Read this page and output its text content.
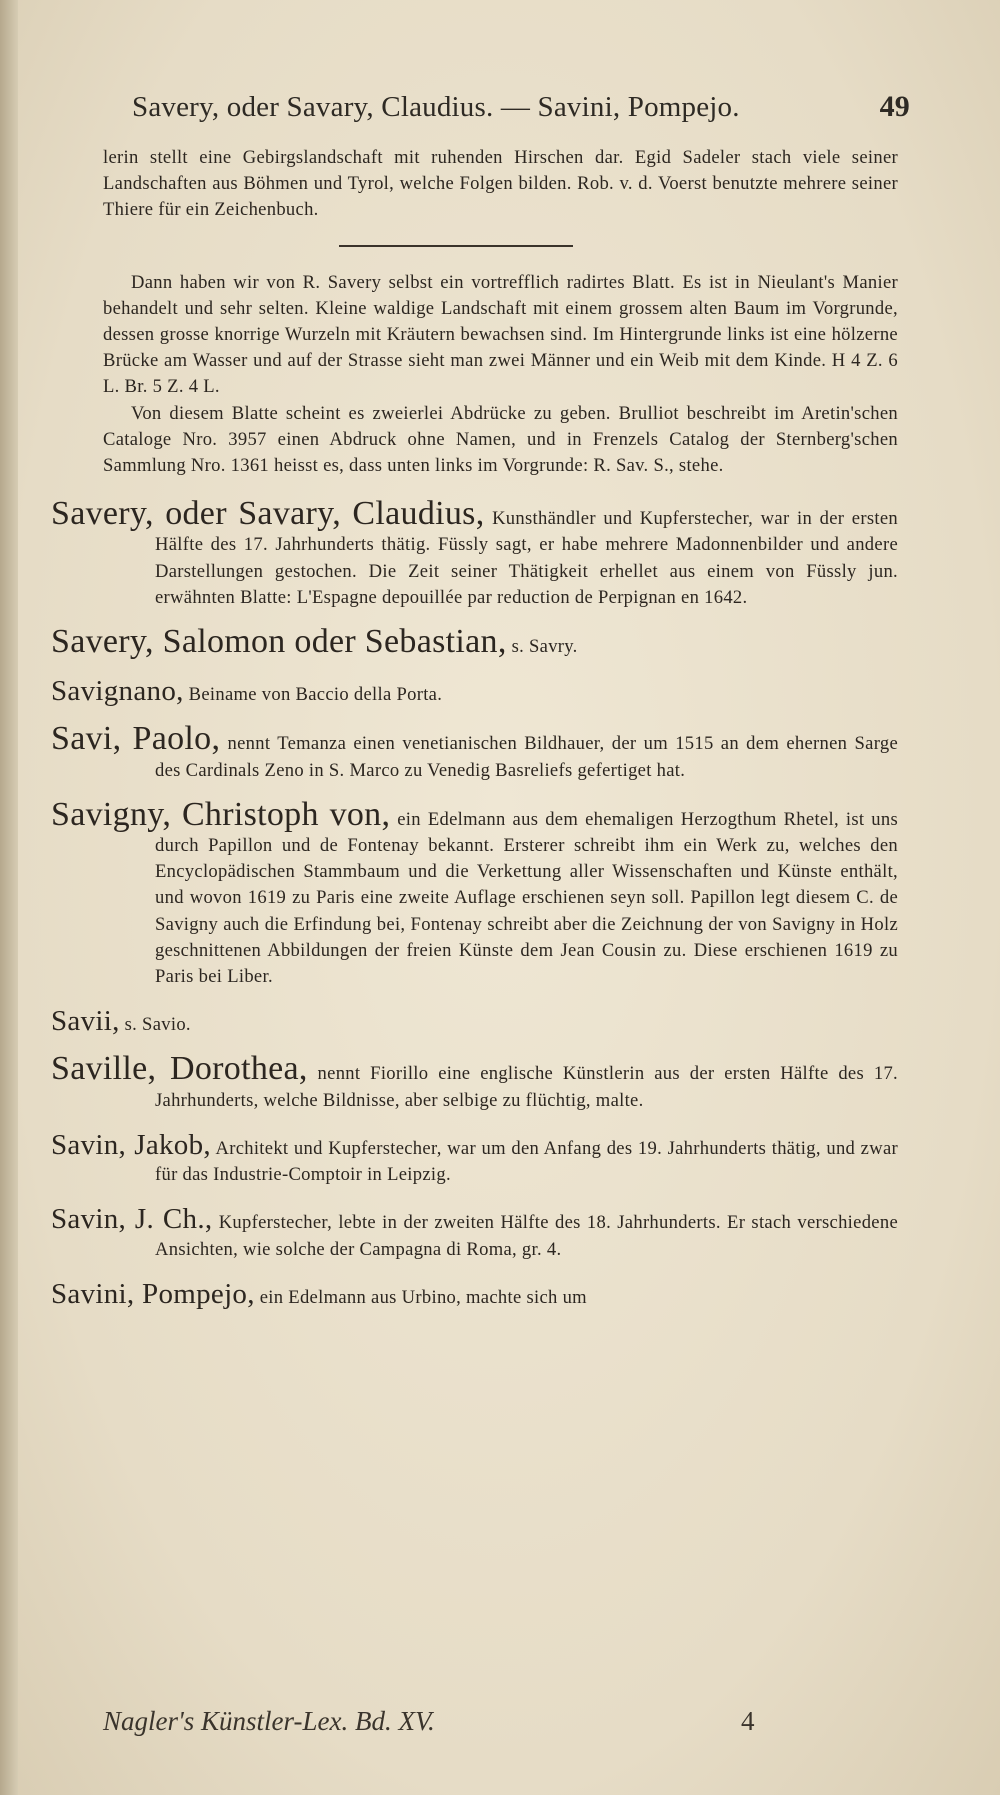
Savery, oder Savary, Claudius. — Savini, Pompejo.	49

lerin stellt eine Gebirgslandschaft mit ruhenden Hirschen dar. Egid Sadeler stach viele seiner Landschaften aus Böhmen und Tyrol, welche Folgen bilden. Rob. v. d. Voerst benutzte mehrere seiner Thiere für ein Zeichenbuch.

Dann haben wir von R. Savery selbst ein vortrefflich radirtes Blatt. Es ist in Nieulant's Manier behandelt und sehr selten. Kleine waldige Landschaft mit einem grossem alten Baum im Vorgrunde, dessen grosse knorrige Wurzeln mit Kräutern bewachsen sind. Im Hintergrunde links ist eine hölzerne Brücke am Wasser und auf der Strasse sieht man zwei Männer und ein Weib mit dem Kinde. H 4 Z. 6 L. Br. 5 Z. 4 L.

Von diesem Blatte scheint es zweierlei Abdrücke zu geben. Brulliot beschreibt im Aretin'schen Cataloge Nro. 3957 einen Abdruck ohne Namen, und in Frenzels Catalog der Sternberg'schen Sammlung Nro. 1361 heisst es, dass unten links im Vorgrunde: R. Sav. S., stehe.

Savery, oder Savary, Claudius, Kunsthändler und Kupferstecher, war in der ersten Hälfte des 17. Jahrhunderts thätig. Füssly sagt, er habe mehrere Madonnenbilder und andere Darstellungen gestochen. Die Zeit seiner Thätigkeit erhellet aus einem von Füssly jun. erwähnten Blatte: L'Espagne depouillée par reduction de Perpignan en 1642.

Savery, Salomon oder Sebastian, s. Savry.

Savignano, Beiname von Baccio della Porta.

Savi, Paolo, nennt Temanza einen venetianischen Bildhauer, der um 1515 an dem ehernen Sarge des Cardinals Zeno in S. Marco zu Venedig Basreliefs gefertiget hat.

Savigny, Christoph von, ein Edelmann aus dem ehemaligen Herzogthum Rhetel, ist uns durch Papillon und de Fontenay bekannt. Ersterer schreibt ihm ein Werk zu, welches den Encyclopädischen Stammbaum und die Verkettung aller Wissenschaften und Künste enthält, und wovon 1619 zu Paris eine zweite Auflage erschienen seyn soll. Papillon legt diesem C. de Savigny auch die Erfindung bei, Fontenay schreibt aber die Zeichnung der von Savigny in Holz geschnittenen Abbildungen der freien Künste dem Jean Cousin zu. Diese erschienen 1619 zu Paris bei Liber.

Savii, s. Savio.

Saville, Dorothea, nennt Fiorillo eine englische Künstlerin aus der ersten Hälfte des 17. Jahrhunderts, welche Bildnisse, aber selbige zu flüchtig, malte.

Savin, Jakob, Architekt und Kupferstecher, war um den Anfang des 19. Jahrhunderts thätig, und zwar für das Industrie-Comptoir in Leipzig.

Savin, J. Ch., Kupferstecher, lebte in der zweiten Hälfte des 18. Jahrhunderts. Er stach verschiedene Ansichten, wie solche der Campagna di Roma, gr. 4.

Savini, Pompejo, ein Edelmann aus Urbino, machte sich um

Nagler's Künstler-Lex. Bd. XV.	4
